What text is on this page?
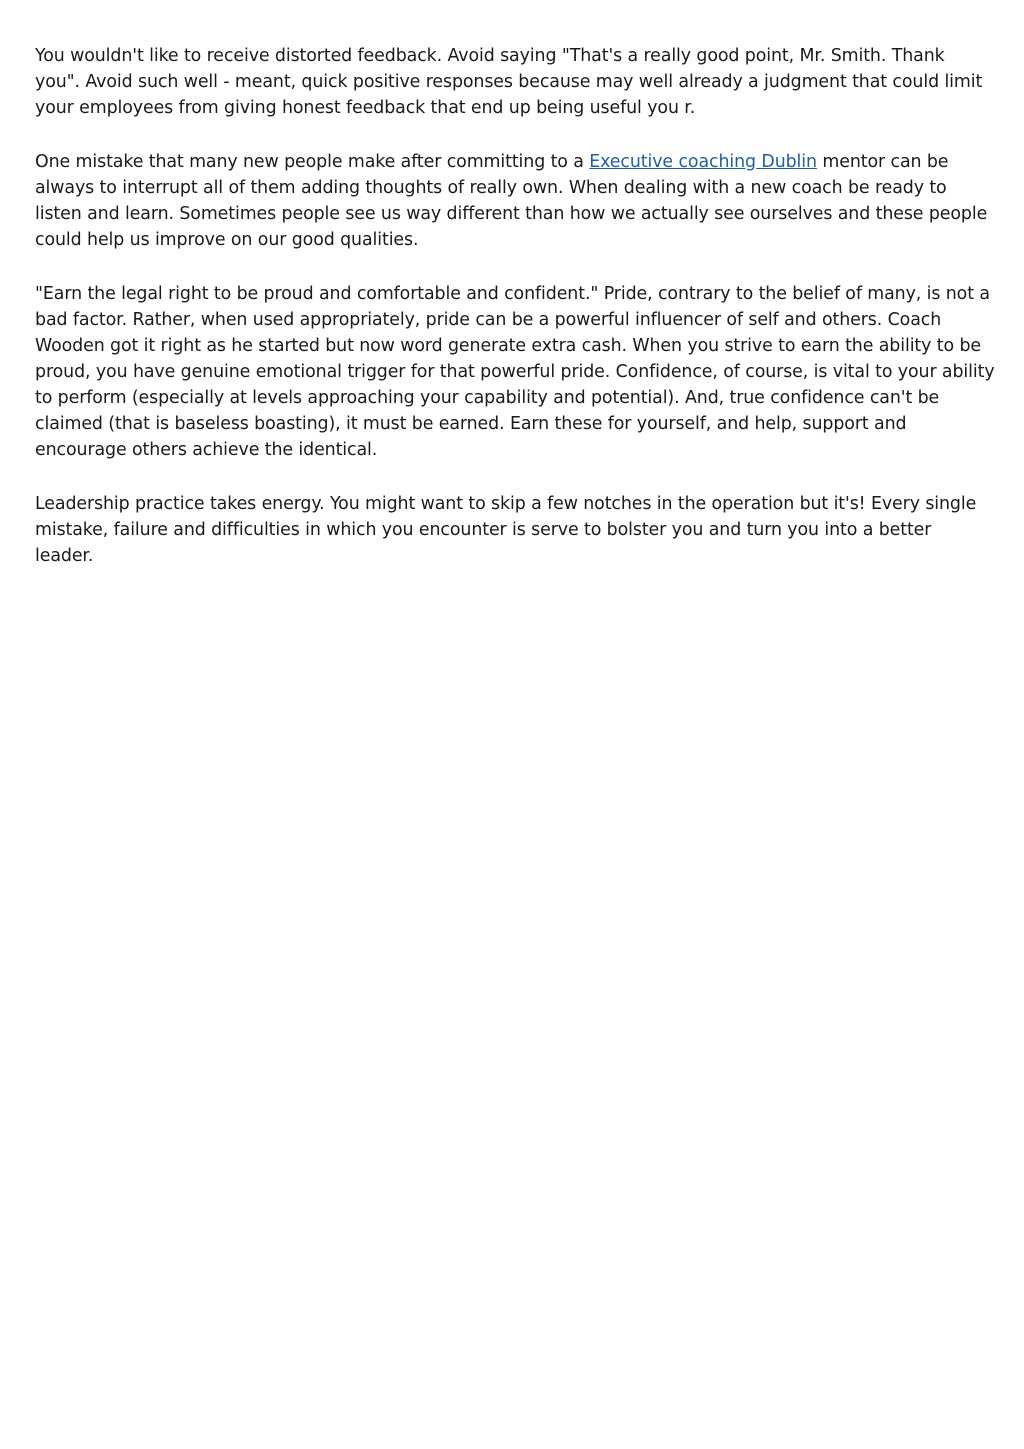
You wouldn't like to receive distorted feedback. Avoid saying "That's a really good point, Mr. Smith. Thank you". Avoid such well - meant, quick positive responses because may well already a judgment that could limit your employees from giving honest feedback that end up being useful you r.

One mistake that many new people make after committing to a Executive coaching Dublin mentor can be always to interrupt all of them adding thoughts of really own. When dealing with a new coach be ready to listen and learn. Sometimes people see us way different than how we actually see ourselves and these people could help us improve on our good qualities.

"Earn the legal right to be proud and comfortable and confident." Pride, contrary to the belief of many, is not a bad factor. Rather, when used appropriately, pride can be a powerful influencer of self and others. Coach Wooden got it right as he started but now word generate extra cash. When you strive to earn the ability to be proud, you have genuine emotional trigger for that powerful pride. Confidence, of course, is vital to your ability to perform (especially at levels approaching your capability and potential). And, true confidence can't be claimed (that is baseless boasting), it must be earned. Earn these for yourself, and help, support and encourage others achieve the identical.

Leadership practice takes energy. You might want to skip a few notches in the operation but it's! Every single mistake, failure and difficulties in which you encounter is serve to bolster you and turn you into a better leader.
